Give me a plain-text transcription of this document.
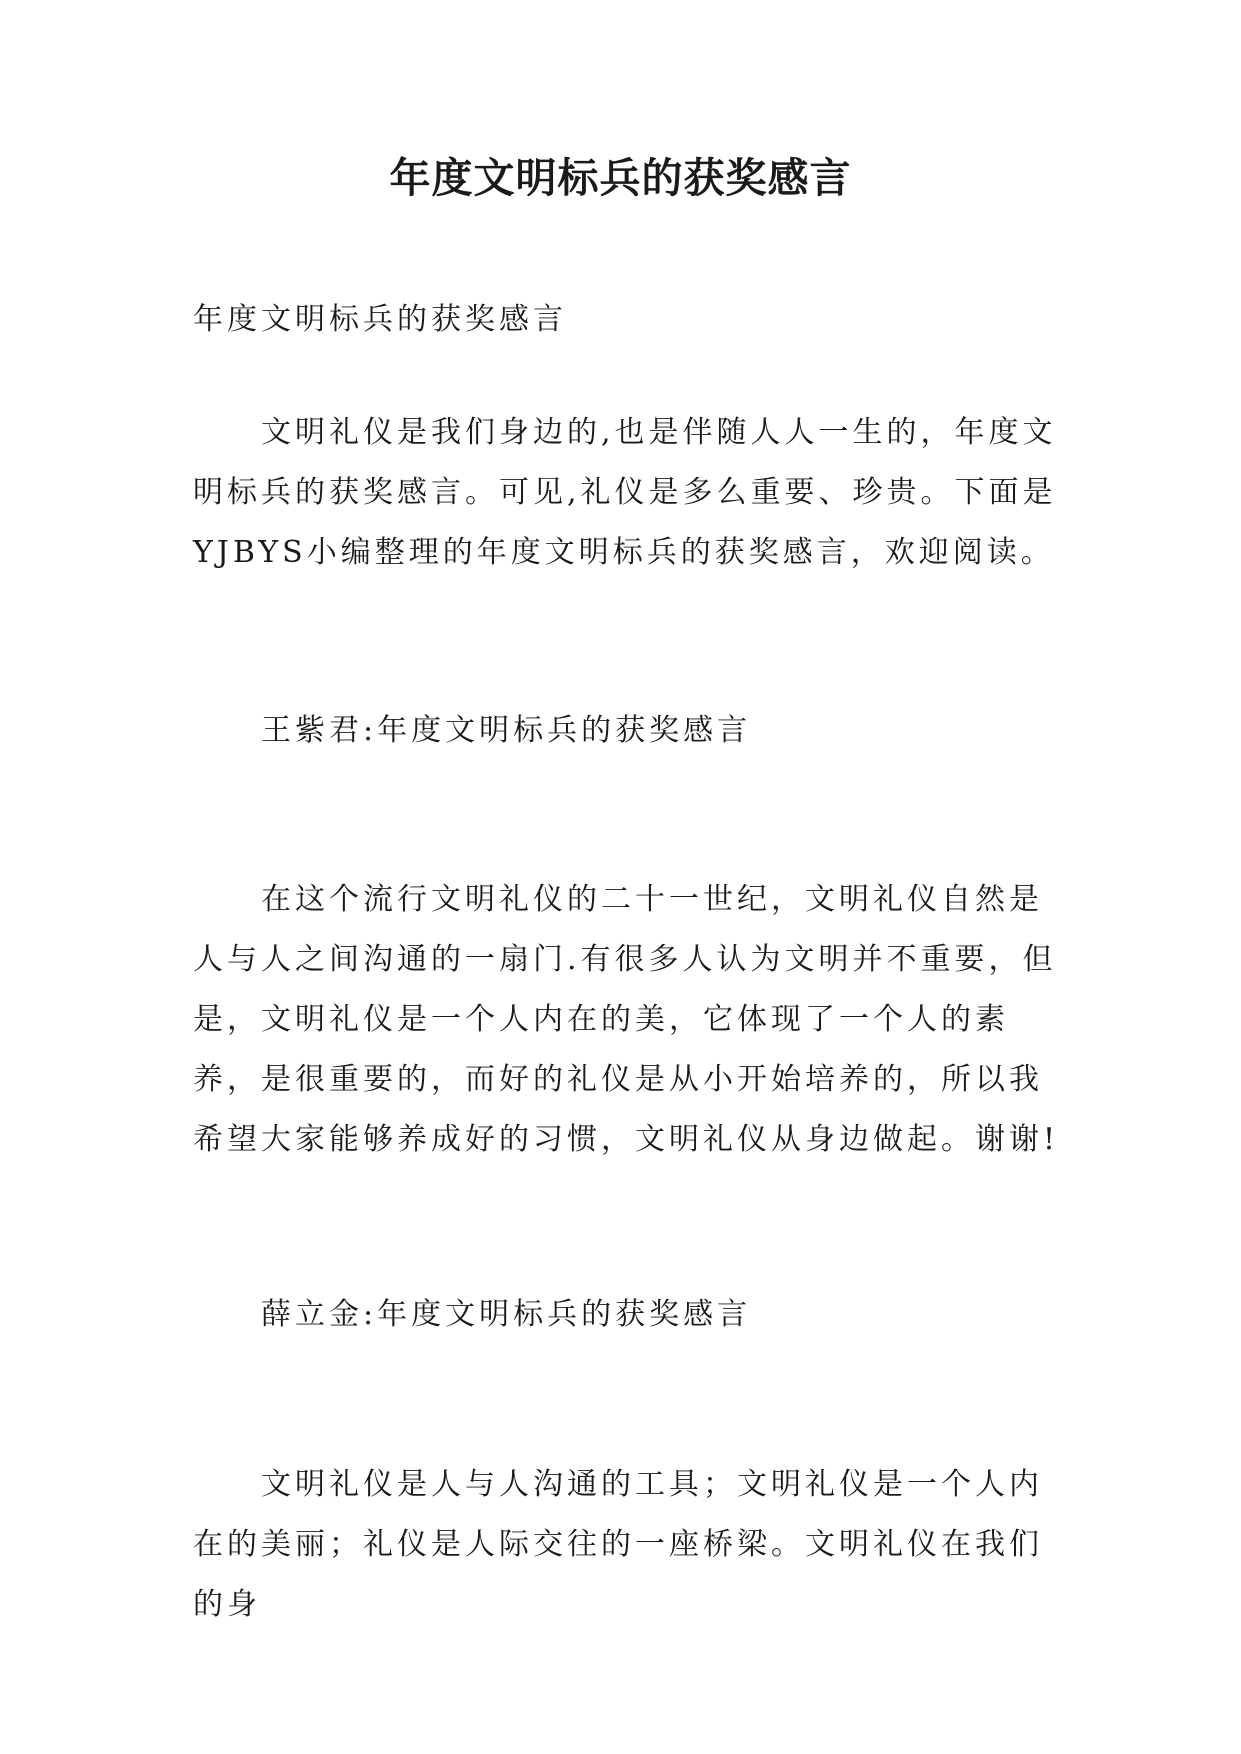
年度文明标兵的获奖感言

年度文明标兵的获奖感言

文明礼仪是我们身边的,也是伴随人人一生的，年度文明标兵的获奖感言。可见,礼仪是多么重要、珍贵。下面是YJBYS小编整理的年度文明标兵的获奖感言，欢迎阅读。

王紫君:年度文明标兵的获奖感言

在这个流行文明礼仪的二十一世纪，文明礼仪自然是人与人之间沟通的一扇门.有很多人认为文明并不重要，但是，文明礼仪是一个人内在的美，它体现了一个人的素养，是很重要的，而好的礼仪是从小开始培养的，所以我希望大家能够养成好的习惯，文明礼仪从身边做起。谢谢!

薛立金:年度文明标兵的获奖感言

文明礼仪是人与人沟通的工具；文明礼仪是一个人内在的美丽；礼仪是人际交往的一座桥梁。文明礼仪在我们的身
